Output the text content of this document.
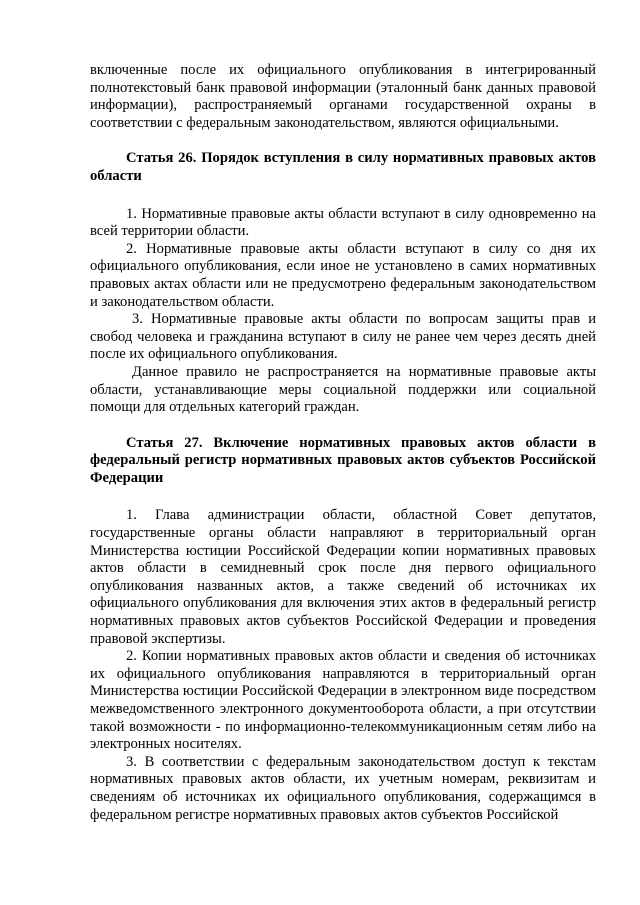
включенные после их официального опубликования в интегрированный полнотекстовый банк правовой информации (эталонный банк данных правовой информации), распространяемый органами государственной охраны в соответствии с федеральным законодательством, являются официальными.

Статья 26. Порядок вступления в силу нормативных правовых актов области

1. Нормативные правовые акты области вступают в силу одновременно на всей территории области.

2. Нормативные правовые акты области вступают в силу со дня их официального опубликования, если иное не установлено в самих нормативных правовых актах области или не предусмотрено федеральным законодательством и законодательством области.

3. Нормативные правовые акты области по вопросам защиты прав и свобод человека и гражданина вступают в силу не ранее чем через десять дней после их официального опубликования.

Данное правило не распространяется на нормативные правовые акты области, устанавливающие меры социальной поддержки или социальной помощи для отдельных категорий граждан.

Статья 27. Включение нормативных правовых актов области в федеральный регистр нормативных правовых актов субъектов Российской Федерации

1. Глава администрации области, областной Совет депутатов, государственные органы области направляют в территориальный орган Министерства юстиции Российской Федерации копии нормативных правовых актов области в семидневный срок после дня первого официального опубликования названных актов, а также сведений об источниках их официального опубликования для включения этих актов в федеральный регистр нормативных правовых актов субъектов Российской Федерации и проведения правовой экспертизы.

2. Копии нормативных правовых актов области и сведения об источниках их официального опубликования направляются в территориальный орган Министерства юстиции Российской Федерации в электронном виде посредством межведомственного электронного документооборота области, а при отсутствии такой возможности - по информационно-телекоммуникационным сетям либо на электронных носителях.

3. В соответствии с федеральным законодательством доступ к текстам нормативных правовых актов области, их учетным номерам, реквизитам и сведениям об источниках их официального опубликования, содержащимся в федеральном регистре нормативных правовых актов субъектов Российской
